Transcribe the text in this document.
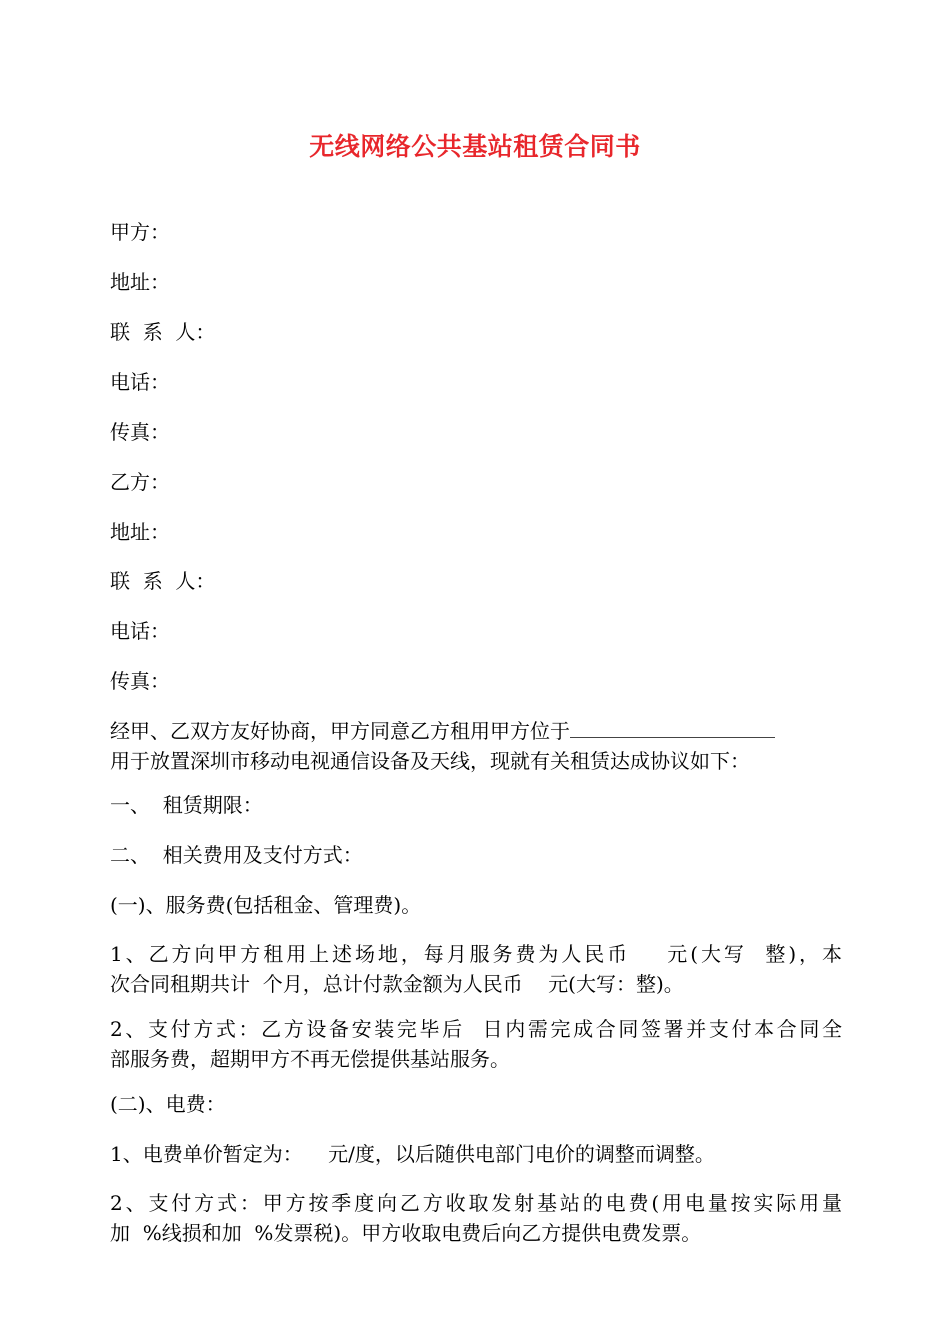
无线网络公共基站租赁合同书
甲方：
地址：
联  系  人：
电话：
传真：
乙方：
地址：
联  系  人：
电话：
传真：
经甲、乙双方友好协商，甲方同意乙方租用甲方位于
用于放置深圳市移动电视通信设备及天线，现就有关租赁达成协议如下：
一、  租赁期限：
二、  相关费用及支付方式：
(一)、服务费(包括租金、管理费)。
1、乙方向甲方租用上述场地，每月服务费为人民币    元(大写  整)，本
次合同租期共计  个月，总计付款金额为人民币    元(大写：整)。
2、支付方式：乙方设备安装完毕后  日内需完成合同签署并支付本合同全
部服务费，超期甲方不再无偿提供基站服务。
(二)、电费：
1、电费单价暂定为：    元/度，以后随供电部门电价的调整而调整。
2、支付方式：甲方按季度向乙方收取发射基站的电费(用电量按实际用量
加  %线损和加  %发票税)。甲方收取电费后向乙方提供电费发票。
